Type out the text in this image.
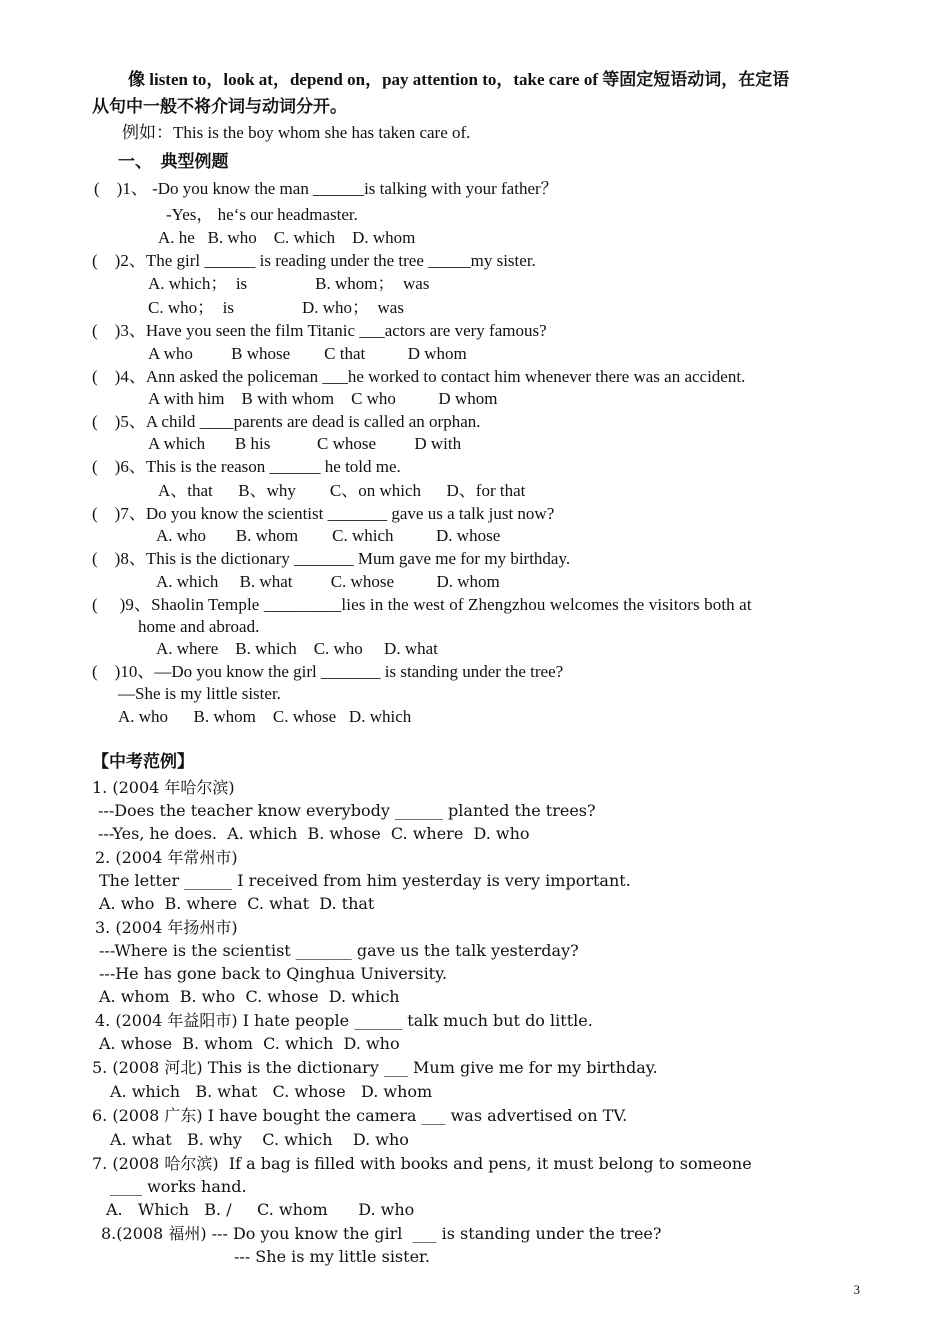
像 listen to，look at，depend on，pay attention to，take care of 等固定短语动词，在定语
从句中一般不将介词与动词分开。
例如：This is the boy whom she has taken care of.
一、  典型例题
(    )1、 -Do you know the man ______is talking with your father？
-Yes， he‘s our headmaster.
A. he   B. who    C. which    D. whom
(    )2、The girl ______ is reading under the tree _____my sister.
A. which；  is                B. whom；  was
C. who；  is                D. who；  was
(    )3、Have you seen the film Titanic ___actors are very famous?
A who         B whose        C that          D whom
(    )4、Ann asked the policeman ___he worked to contact him whenever there was an accident.
A with him    B with whom    C who          D whom
(    )5、A child ____parents are dead is called an orphan.
A which       B his           C whose         D with
(    )6、This is the reason ______ he told me.
A、that      B、why        C、on which      D、for that
(    )7、Do you know the scientist _______ gave us a talk just now?
A. who       B. whom        C. which          D. whose
(    )8、This is the dictionary _______ Mum gave me for my birthday.
A. which     B. what         C. whose          D. whom
(     )9、Shaolin Temple _________lies in the west of Zhengzhou welcomes the visitors both at
home and abroad.
A. where    B. which    C. who     D. what
(    )10、—Do you know the girl _______ is standing under the tree?
—She is my little sister.
A. who      B. whom    C. whose   D. which
【中考范例】
1. (2004 年哈尔滨)
---Does the teacher know everybody ______ planted the trees?
---Yes, he does.  A. which  B. whose  C. where  D. who
2. (2004 年常州市)
The letter ______ I received from him yesterday is very important.
A. who  B. where  C. what  D. that
3. (2004 年扬州市)
---Where is the scientist _______ gave us the talk yesterday?
---He has gone back to Qinghua University.
A. whom  B. who  C. whose  D. which
4. (2004 年益阳市) I hate people ______ talk much but do little.
A. whose  B. whom  C. which  D. who
5. (2008 河北) This is the dictionary ___ Mum give me for my birthday.
A. which   B. what   C. whose   D. whom
6. (2008 广东) I have bought the camera ___ was advertised on TV.
A. what   B. why    C. which    D. who
7. (2008 哈尔滨)  If a bag is filled with books and pens, it must belong to someone
____ works hand.
A.   Which   B. /     C. whom      D. who
8.(2008 福州) --- Do you know the girl  ___ is standing under the tree?
--- She is my little sister.
3
